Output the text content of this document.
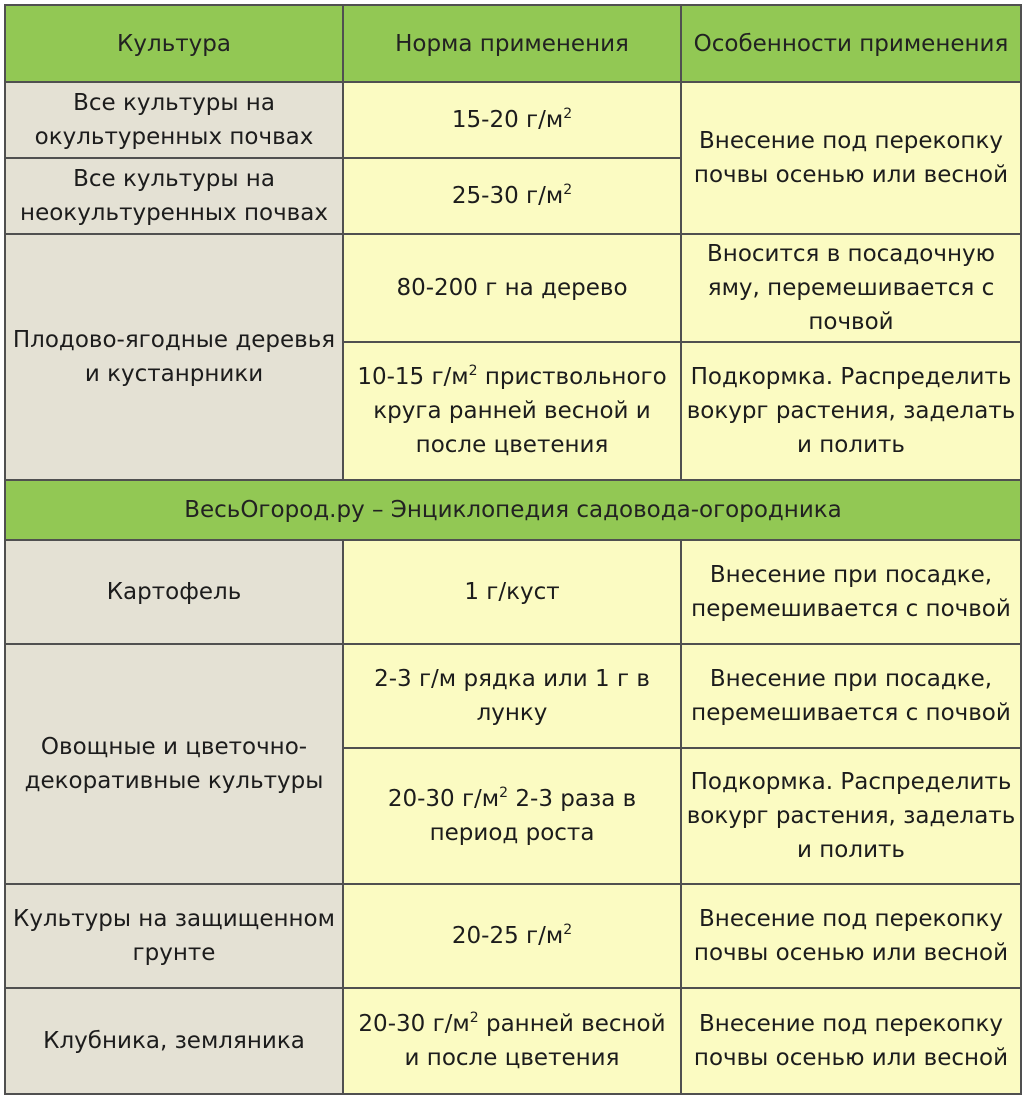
Культура	Норма применения	Особенности применения
Все культуры на окультуренных почвах	15-20 $г/м^2$	Внесение под перекопку почвы осенью или весной
Все культуры на неокультуренных почвах	25-30 $г/м^2$
Плодово-ягодные деревья и кустанрники	80-200 г на дерево	Вносится в посадочную яму, перемешивается с почвой
	10-15 $г/м^2$ приствольного круга ранней весной и после цветения	Подкормка. Распределить вокург растения, заделать и полить
ВесьОгород.ру – Энциклопедия садовода-огородника		
Картофель	1 г/куст	Внесение при посадке, перемешивается с почвой
Овощные и цветочно-декоративные культуры	2-3 г/м рядка или 1 г в лунку	Внесение при посадке, перемешивается с почвой
	20-30 $г/м^2$ 2-3 раза в период роста	Подкормка. Распределить вокург растения, заделать и полить
Культуры на защищенном грунте	20-25 $г/м^2$	Внесение под перекопку почвы осенью или весной
Клубника, земляника	20-30 $г/м^2$ ранней весной и после цветения	Внесение под перекопку почвы осенью или весной
